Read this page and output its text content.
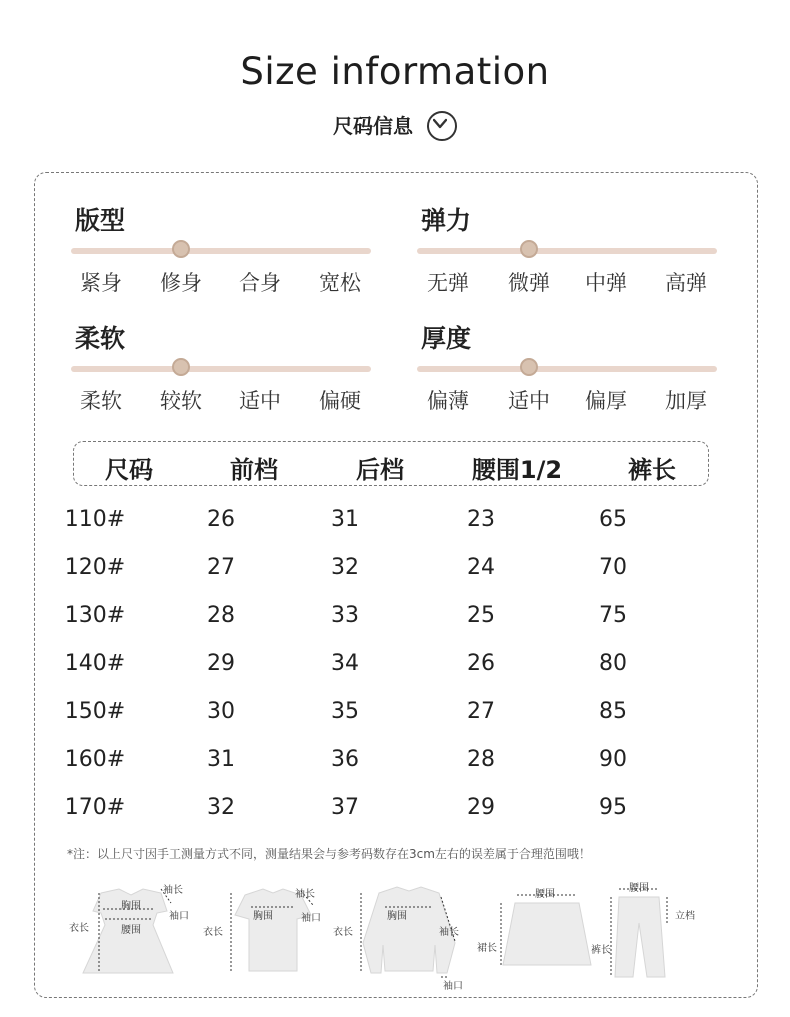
Size information
尺码信息
版型
紧身	修身	合身	宽松
弹力
无弹	微弹	中弹	高弹
柔软
柔软	较软	适中	偏硬
厚度
偏薄	适中	偏厚	加厚
尺码	前档	后档	腰围1/2	裤长
110#	26	31	23	65
120#	27	32	24	70
130#	28	33	25	75
140#	29	34	26	80
150#	30	35	27	85
160#	31	36	28	90
170#	32	37	29	95
*注：以上尺寸因手工测量方式不同，测量结果会与参考码数存在3cm左右的误差属于合理范围哦！
袖长
胸围
袖口
衣长	腰围
袖长
胸围	袖口
衣长
胸围
袖长
衣长
袖口
腰围
裙长
腰围
立档
裤长
